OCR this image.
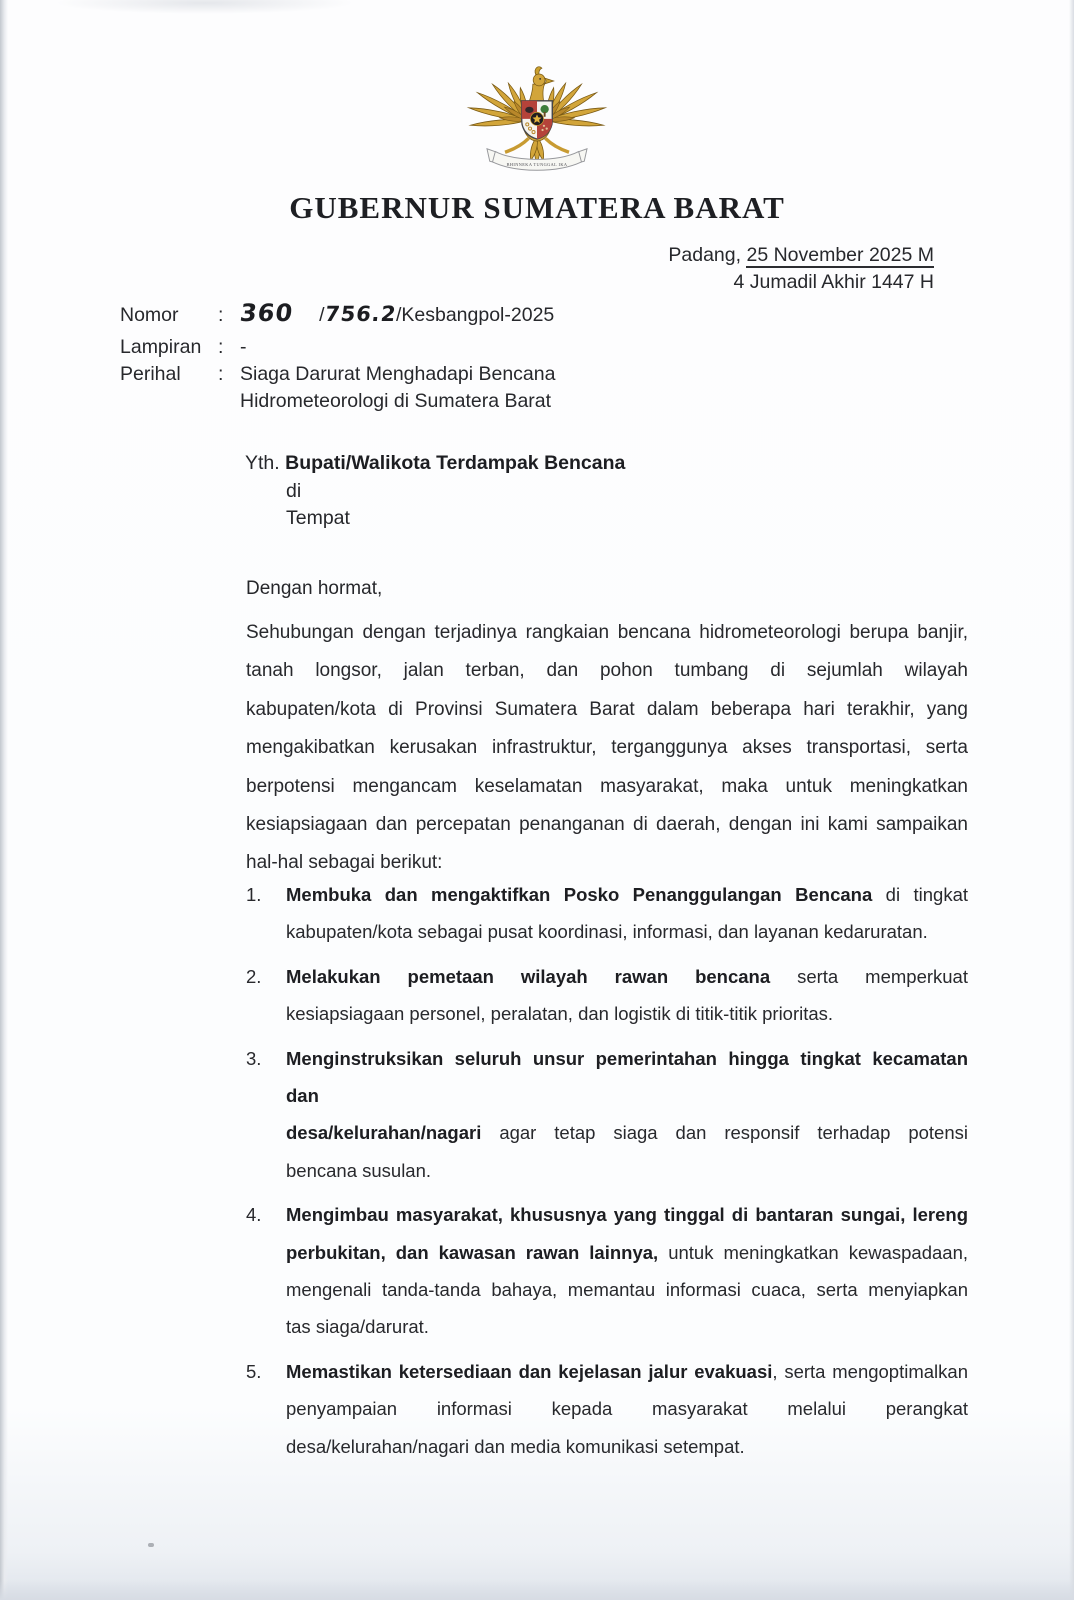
BHINNEKA TUNGGAL IKA
GUBERNUR SUMATERA BARAT
Padang, 25 November 2025 M
4 Jumadil Akhir 1447 H
Nomor	: 360 /756.2/Kesbangpol-2025
Lampiran : -
Perihal	: Siaga Darurat Menghadapi Bencana
Hidrometeorologi di Sumatera Barat
Yth. Bupati/Walikota Terdampak Bencana
di
Tempat
Dengan hormat,
Sehubungan dengan terjadinya rangkaian bencana hidrometeorologi berupa banjir,
tanah longsor, jalan terban, dan pohon tumbang di sejumlah wilayah
kabupaten/kota di Provinsi Sumatera Barat dalam beberapa hari terakhir, yang
mengakibatkan kerusakan infrastruktur, terganggunya akses transportasi, serta
berpotensi mengancam keselamatan masyarakat, maka untuk meningkatkan
kesiapsiagaan dan percepatan penanganan di daerah, dengan ini kami sampaikan
hal-hal sebagai berikut:
1.	Membuka dan mengaktifkan Posko Penanggulangan Bencana di tingkat
kabupaten/kota sebagai pusat koordinasi, informasi, dan layanan kedaruratan.
2.	Melakukan pemetaan wilayah rawan bencana serta memperkuat
kesiapsiagaan personel, peralatan, dan logistik di titik-titik prioritas.
3.	Menginstruksikan seluruh unsur pemerintahan hingga tingkat kecamatan dan
desa/kelurahan/nagari agar tetap siaga dan responsif terhadap potensi
bencana susulan.
4.	Mengimbau masyarakat, khususnya yang tinggal di bantaran sungai, lereng
perbukitan, dan kawasan rawan lainnya, untuk meningkatkan kewaspadaan,
mengenali tanda-tanda bahaya, memantau informasi cuaca, serta menyiapkan
tas siaga/darurat.
5.	Memastikan ketersediaan dan kejelasan jalur evakuasi, serta mengoptimalkan
penyampaian informasi kepada masyarakat melalui perangkat
desa/kelurahan/nagari dan media komunikasi setempat.
